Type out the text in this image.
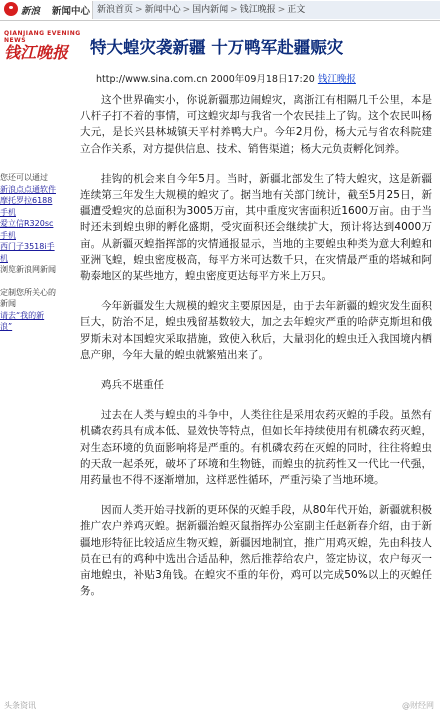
新浪 新闻中心 新浪首页 > 新闻中心 > 国内新闻 > 钱江晚报 > 正文
QIANJIANG EVENING NEWS
钱江晚报	特大蝗灾袭新疆 十万鸭军赴疆赈灾
http://www.sina.com.cn 2000年09月18日17:20 钱江晚报
您还可以通过
新浪点点通软件
摩托罗拉6188
手机
爱立信R320sc
手机
西门子3518i手
机
浏览新浪网新闻
定制您所关心的
新闻
请去“我的新
浪”

这个世界确实小，你说新疆那边闹蝗灾，离浙江有相隔几千公里，本是八杆子打不着的事情，可这蝗灾却与我省一个农民挂上了钩。这个农民叫杨大元，是长兴县林城镇天平村养鸭大户。今年2月份，杨大元与省农科院建立合作关系，对方提供信息、技术、销售渠道；杨大元负责孵化饲养。

挂钩的机会来自今年5月。当时，新疆北部发生了特大蝗灾，这是新疆连续第三年发生大规模的蝗灾了。据当地有关部门统计，截至5月25日，新疆遭受蝗灾的总面积为3005万亩，其中重度灾害面积近1600万亩。由于当时还未到蝗虫卵的孵化盛期，受灾面积还会继续扩大，预计将达到4000万亩。从新疆灭蝗指挥部的灾情通报显示，当地的主要蝗虫种类为意大利蝗和亚洲飞蝗，蝗虫密度极高，每平方米可达数千只，在灾情最严重的塔城和阿勒泰地区的某些地方，蝗虫密度更达每平方米上万只。

今年新疆发生大规模的蝗灾主要原因是，由于去年新疆的蝗灾发生面积巨大，防治不足，蝗虫残留基数较大，加之去年蝗灾严重的哈萨克斯坦和俄罗斯未对本国蝗灾采取措施，致使入秋后，大量羽化的蝗虫迁入我国境内栖息产卵，今年大量的蝗虫就繁殖出来了。

鸡兵不堪重任

过去在人类与蝗虫的斗争中，人类往往是采用农药灭蝗的手段。虽然有机磷农药具有成本低、显效快等特点，但如长年持续使用有机磷农药灭蝗，对生态环境的负面影响将是严重的。有机磷农药在灭蝗的同时，往往将蝗虫的天敌一起杀死，破坏了环境和生物链，而蝗虫的抗药性又一代比一代强，用药量也不得不逐渐增加，这样恶性循环，严重污染了当地环境。

因而人类开始寻找新的更环保的灭蝗手段，从80年代开始，新疆就积极推广农户养鸡灭蝗。据新疆治蝗灭鼠指挥办公室副主任赵新春介绍，由于新疆地形特征比较适应生物灭蝗，新疆因地制宜，推广用鸡灭蝗，先由科技人员在已有的鸡种中选出合适品种，然后推荐给农户，签定协议，农户每灭一亩地蝗虫，补贴3角钱。在蝗灾不重的年份，鸡可以完成50%以上的灭蝗任务。

头条资讯	@财经网
